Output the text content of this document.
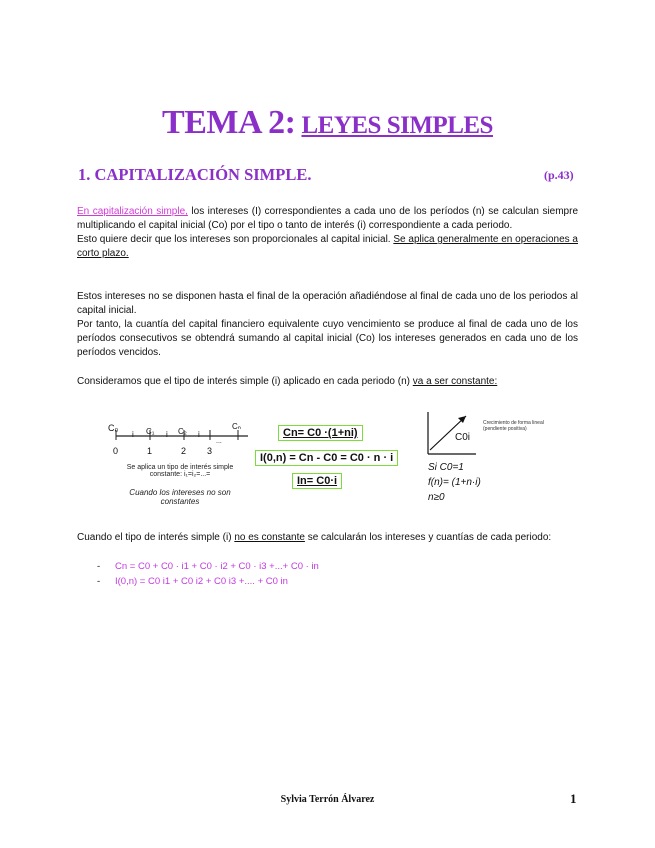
TEMA 2: LEYES SIMPLES
1. CAPITALIZACIÓN SIMPLE.	(p.43)
En capitalización simple, los intereses (I) correspondientes a cada uno de los períodos (n) se calculan siempre multiplicando el capital inicial (Co) por el tipo o tanto de interés (i) correspondiente a cada periodo.
Esto quiere decir que los intereses son proporcionales al capital inicial. Se aplica generalmente en operaciones a corto plazo.
Estos intereses no se disponen hasta el final de la operación añadiéndose al final de cada uno de los periodos al capital inicial.
Por tanto, la cuantía del capital financiero equivalente cuyo vencimiento se produce al final de cada uno de los períodos consecutivos se obtendrá sumando al capital inicial (Co) los intereses generados en cada uno de los períodos vencidos.
Consideramos que el tipo de interés simple (i) aplicado en cada periodo (n) va a ser constante:
C₀	C₁	C₂
Cₙ
i	i	i
...
0	1	2 3
Se aplica un tipo de interés simple constante: i₁=i₂=...=
Cuando los intereses no son constantes
Cn= C0 ·(1+ni)
I(0,n) = Cn - C0 = C0 · n · i
In= C0·i
C0i
Crecimiento de forma lineal (pendiente positiva)
Si C0=1
f(n)= (1+n·i)
n≥0
Cuando el tipo de interés simple (i) no es constante se calcularán los intereses y cuantías de cada periodo:
- Cn = C0 + C0 · i1 + C0 · i2 + C0 · i3 +...+ C0 · in
- I(0,n) = C0 i1 + C0 i2 + C0 i3 +.... + C0 in
Sylvia Terrón Álvarez	1
